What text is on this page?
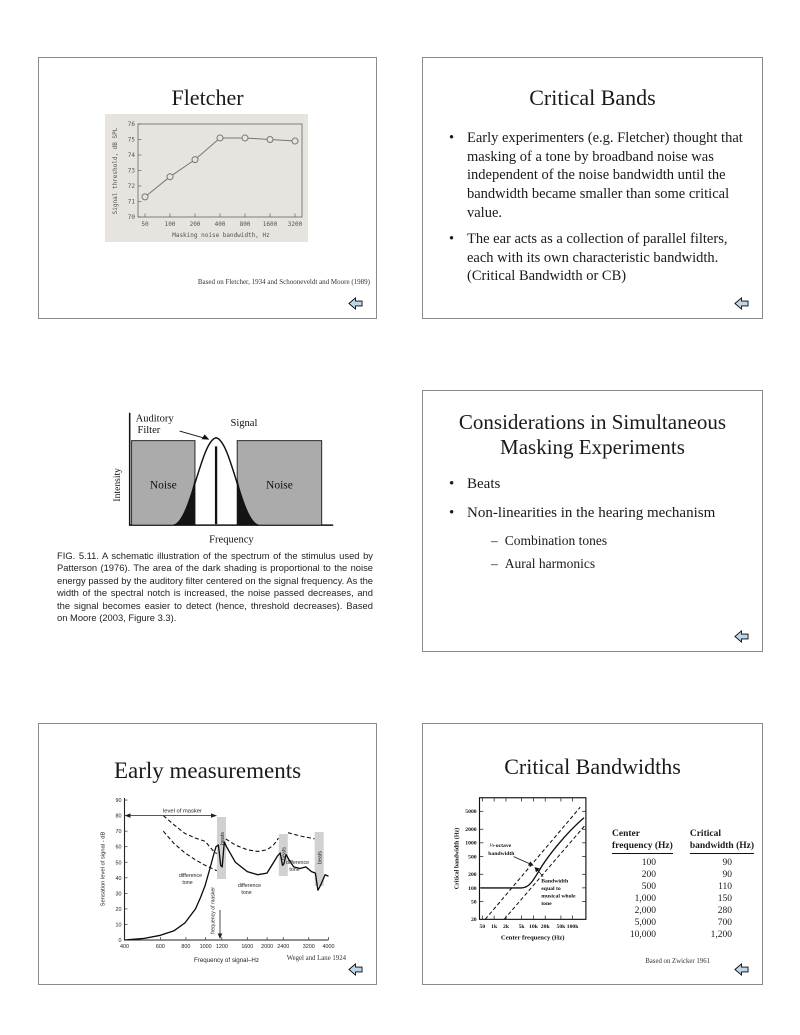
Fletcher
70
71
72
73
74
75
76
50	100 200 400 800 1600 3200
Signal threshold, dB SPL
Masking noise bandwidth, Hz
Based on Fletcher, 1934 and Schooneveldt and Moore (1989)
Critical Bands
• Early experimenters (e.g. Fletcher) thought that masking of a tone by broadband noise was independent of the noise bandwidth until the bandwidth became smaller than some critical value.
• The ear acts as a collection of parallel filters, each with its own characteristic bandwidth. (Critical Bandwidth or CB)
Auditory
Filter
Signal
Noise	Noise
Intensity
Frequency
FIG. 5.11. A schematic illustration of the spectrum of the stimulus used by Patterson (1976). The area of the dark shading is proportional to the noise energy passed by the auditory filter centered on the signal frequency. As the width of the spectral notch is increased, the noise passed decreases, and the signal becomes easier to detect (hence, threshold decreases). Based on Moore (2003, Figure 3.3).
Considerations in Simultaneous Masking Experiments
• Beats
• Non-linearities in the hearing mechanism
– Combination tones
– Aural harmonics
Early measurements
0
10
20
30
40
50
60
70
80
90
400	600	800 1000 1200 1600 2000 2400 3200 4000
beats
beats	beats
level of masker
difference
tone	difference
tone
difference
tone
frequency of masker
Sensation level of signal - dB
Frequency of signal–Hz	Wegel and Lane 1924
Critical Bandwidths
20
50
100
200
500
1000
2000
5000
50 1k 2k 5k 10k 20k 50k 100k
⅓-octave
bandwidth
Bandwidth
equal to
musical whole
tone
Critical bandwidth (Hz)
Center frequency (Hz)
Center
frequency (Hz)
Critical
bandwidth (Hz)
100	90
200	90
500	110
1,000	150
2,000	280
5,000	700
10,000	1,200
Based on Zwicker 1961
